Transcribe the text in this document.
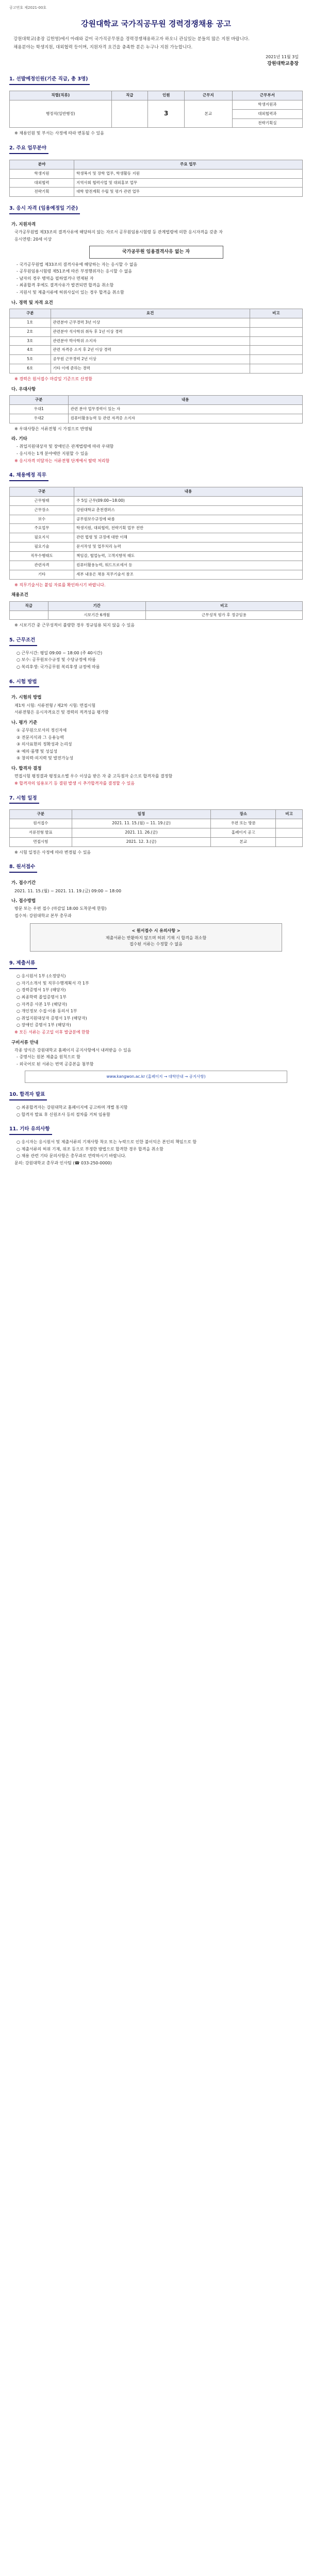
공고번호 제2021-00호
강원대학교 국가직공무원 경력경쟁채용 공고
강원대학교(총장 김헌영)에서 아래와 같이 국가직공무원을 경력경쟁채용하고자 하오니 관심있는 분들의 많은 지원 바랍니다.
채용분야는 학생지원, 대외협력 등이며, 지원자격 요건을 충족한 분은 누구나 지원 가능합니다.
2021년 11월 3일
강원대학교총장
1. 선발예정인원(기준 직급, 총 3명)
직렬(직류)	직급	인원	근무지	근무부서
행정직(일반행정)		3	본교	학생지원과
				대외협력과
				전략기획실
※ 채용인원 및 부서는 사정에 따라 변동될 수 있음
2. 주요 업무분야
분야	주요 업무
학생지원	학생복지 및 장학 업무, 학생활동 지원
대외협력	지역사회 협력사업 및 대외홍보 업무
전략기획	대학 발전계획 수립 및 평가 관련 업무
3. 응시 자격 (임용예정일 기준)
가. 지원자격
국가공무원법 제33조의 결격사유에 해당하지 않는 자로서 공무원임용시험령 등 관계법령에 의한 응시자격을 갖춘 자
응시연령: 20세 이상
국가공무원 임용결격사유 없는 자
- 국가공무원법 제33조의 결격사유에 해당하는 자는 응시할 수 없음
- 공무원임용시험령 제51조에 따른 부정행위자는 응시할 수 없음
- 남자의 경우 병역을 필하였거나 면제된 자
- 최종합격 후에도 결격사유가 발견되면 합격을 취소함
- 지원서 및 제출서류에 허위사실이 있는 경우 합격을 취소함
나. 경력 및 자격 요건
구분	요건	비고
1호	관련분야 근무경력 3년 이상	
2호	관련분야 석사학위 취득 후 1년 이상 경력	
3호	관련분야 박사학위 소지자	
4호	관련 자격증 소지 후 2년 이상 경력	
5호	공무원 근무경력 2년 이상	
6호	기타 이에 준하는 경력	
※ 경력은 원서접수 마감일 기준으로 산정함
다. 우대사항
구분	내용
우대1	관련 분야 업무경력이 있는 자
우대2	컴퓨터활용능력 등 관련 자격증 소지자
※ 우대사항은 서류전형 시 가점으로 반영됨
라. 기타
- 취업지원대상자 및 장애인은 관계법령에 따라 우대함
- 응시자는 1개 분야에만 지원할 수 있음
※ 응시자격 미달자는 서류전형 단계에서 탈락 처리함
4. 채용예정 직무
구분	내용
근무형태	주 5일 근무(09:00~18:00)
근무장소	강원대학교 춘천캠퍼스
보수	공무원보수규정에 따름
주요업무	학생지원, 대외협력, 전략기획 업무 전반
필요지식	관련 법령 및 규정에 대한 이해
필요기술	문서작성 및 업무처리 능력
직무수행태도	책임감, 협업능력, 고객지향적 태도
관련자격	컴퓨터활용능력, 워드프로세서 등
기타	세부 내용은 채용 직무기술서 참조
※ 직무기술서는 붙임 자료를 확인하시기 바랍니다.
채용조건
직급	기간	비고
	시보기간 6개월	근무성적 평가 후 정규임용
※ 시보기간 중 근무성적이 불량한 경우 정규임용 되지 않을 수 있음
5. 근무조건
○ 근무시간: 평일 09:00 ~ 18:00 (주 40시간)
○ 보수: 공무원보수규정 및 수당규정에 따름
○ 복리후생: 국가공무원 복리후생 규정에 따름
6. 시험 방법
가. 시험의 방법
제1차 시험: 서류전형 / 제2차 시험: 면접시험
서류전형은 응시자격요건 및 경력의 적격성을 평가함
나. 평가 기준
① 공무원으로서의 정신자세
② 전문지식과 그 응용능력
③ 의사표현의 정확성과 논리성
④ 예의·품행 및 성실성
⑤ 창의력·의지력 및 발전가능성
다. 합격자 결정
면접시험 평정결과 평정요소별 우수 이상을 받은 자 중 고득점자 순으로 합격자를 결정함
※ 합격자의 임용포기 등 결원 발생 시 추가합격자를 결정할 수 있음
7. 시험 일정
구분	일정	장소	비고
원서접수	2021. 11. 15.(월) ~ 11. 19.(금)	우편 또는 방문	
서류전형 발표	2021. 11. 26.(금)	홈페이지 공고	
면접시험	2021. 12. 3.(금)	본교	
※ 시험 일정은 사정에 따라 변경될 수 있음
8. 원서접수
가. 접수기간
2021. 11. 15.(월) ~ 2021. 11. 19.(금) 09:00 ~ 18:00
나. 접수방법
방문 또는 우편 접수 (마감일 18:00 도착분에 한함)
접수처: 강원대학교 본부 총무과
< 원서접수 시 유의사항 >
제출서류는 반환하지 않으며 허위 기재 시 합격을 취소함
접수된 서류는 수정할 수 없음
9. 제출서류
○ 응시원서 1부 (소정양식)
○ 자기소개서 및 직무수행계획서 각 1부
○ 경력증명서 1부 (해당자)
○ 최종학력 졸업증명서 1부
○ 자격증 사본 1부 (해당자)
○ 개인정보 수집·이용 동의서 1부
○ 취업지원대상자 증명서 1부 (해당자)
○ 장애인 증명서 1부 (해당자)
※ 모든 서류는 공고일 이후 발급분에 한함
구비서류 안내
각종 양식은 강원대학교 홈페이지 공지사항에서 내려받을 수 있음
- 증명서는 원본 제출을 원칙으로 함
- 외국어로 된 서류는 번역 공증본을 첨부함
www.kangwon.ac.kr (홈페이지 → 대학안내 → 공지사항)
10. 합격자 발표
○ 최종합격자는 강원대학교 홈페이지에 공고하며 개별 통지함
○ 합격자 발표 후 신원조사 등의 절차를 거쳐 임용함
11. 기타 유의사항
○ 응시자는 응시원서 및 제출서류의 기재사항 착오 또는 누락으로 인한 불이익은 본인의 책임으로 함
○ 제출서류의 허위 기재, 위조 등으로 부정한 방법으로 합격한 경우 합격을 취소함
○ 채용 관련 기타 문의사항은 총무과로 연락하시기 바랍니다.
문의: 강원대학교 총무과 인사팀 (☎ 033-250-0000)
